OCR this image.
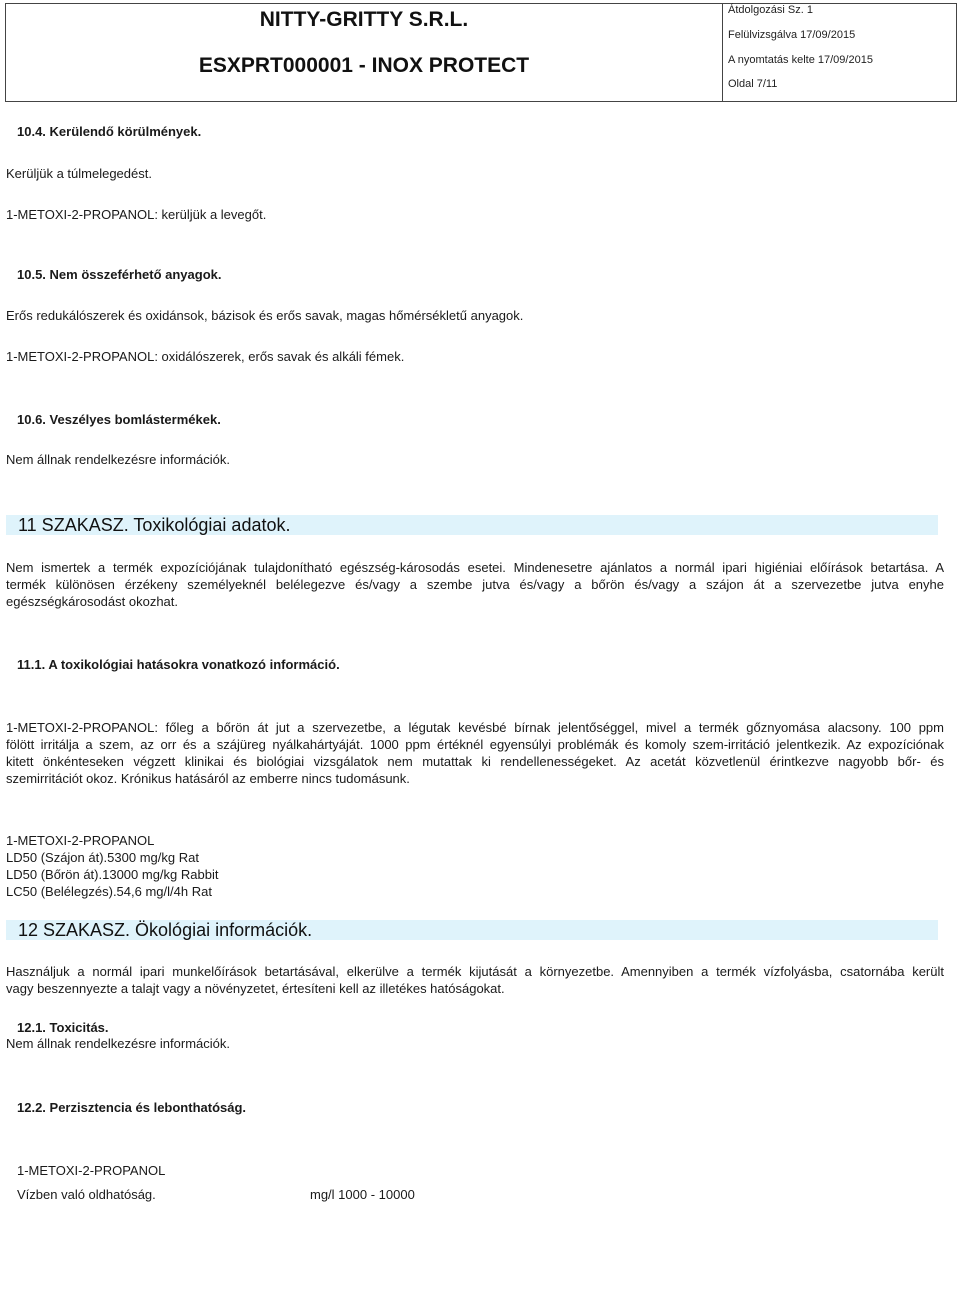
NITTY-GRITTY S.R.L.
ESXPRT000001 - INOX PROTECT
Átdolgozási Sz. 1
Felülvizsgálva 17/09/2015
A nyomtatás kelte 17/09/2015
Oldal 7/11
10.4. Kerülendő körülmények.
Kerüljük a túlmelegedést.
1-METOXI-2-PROPANOL: kerüljük a levegőt.
10.5. Nem összeférhető anyagok.
Erős redukálószerek és oxidánsok, bázisok és erős savak, magas hőmérsékletű anyagok.
1-METOXI-2-PROPANOL: oxidálószerek, erős savak és alkáli fémek.
10.6. Veszélyes bomlástermékek.
Nem állnak rendelkezésre információk.
11 SZAKASZ. Toxikológiai adatok.
Nem ismertek a termék expozíciójának tulajdonítható egészség-károsodás esetei. Mindenesetre ajánlatos a normál ipari higiéniai előírások betartása. A
termék különösen érzékeny személyeknél belélegezve és/vagy a szembe jutva és/vagy a bőrön és/vagy a szájon át a szervezetbe jutva enyhe
egészségkárosodást okozhat.
11.1. A toxikológiai hatásokra vonatkozó információ.
1-METOXI-2-PROPANOL: főleg a bőrön át jut a szervezetbe, a légutak kevésbé bírnak jelentőséggel, mivel a termék gőznyomása alacsony. 100 ppm
fölött irritálja a szem, az orr és a szájüreg nyálkahártyáját. 1000 ppm értéknél egyensúlyi problémák és komoly szem-irritáció jelentkezik. Az expozíciónak
kitett önkénteseken végzett klinikai és biológiai vizsgálatok nem mutattak ki rendellenességeket. Az acetát közvetlenül érintkezve nagyobb bőr- és
szemirritációt okoz. Krónikus hatásáról az emberre nincs tudomásunk.
1-METOXI-2-PROPANOL
LD50 (Szájon át).5300 mg/kg Rat
LD50 (Bőrön át).13000 mg/kg Rabbit
LC50 (Belélegzés).54,6 mg/l/4h Rat
12 SZAKASZ. Ökológiai információk.
Használjuk a normál ipari munkelőírások betartásával, elkerülve a termék kijutását a környezetbe. Amennyiben a termék vízfolyásba, csatornába került
vagy beszennyezte a talajt vagy a növényzetet, értesíteni kell az illetékes hatóságokat.
12.1. Toxicitás.
Nem állnak rendelkezésre információk.
12.2. Perzisztencia és lebonthatóság.
1-METOXI-2-PROPANOL
Vízben való oldhatóság.	mg/l 1000 - 10000
